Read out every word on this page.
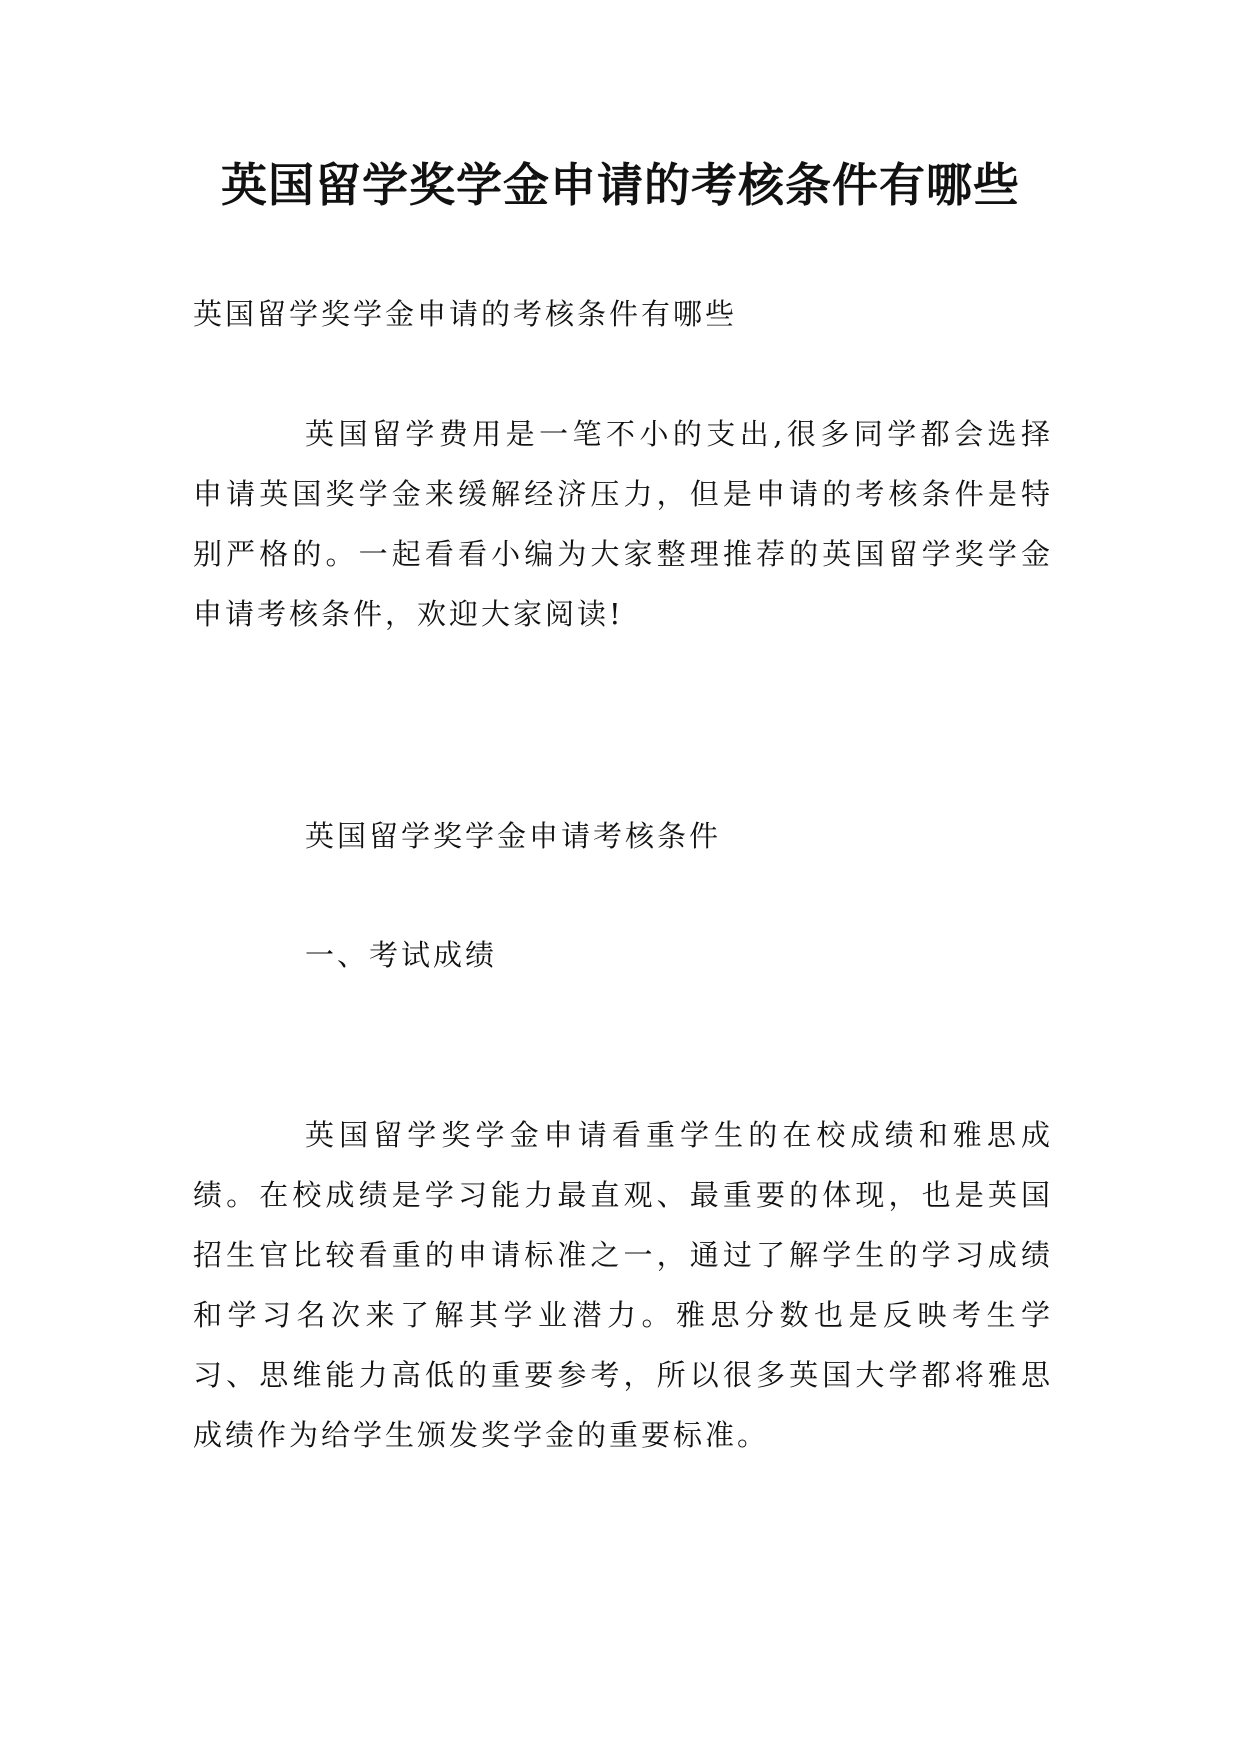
英国留学奖学金申请的考核条件有哪些
英国留学奖学金申请的考核条件有哪些
英国留学费用是一笔不小的支出,很多同学都会选择申请英国奖学金来缓解经济压力，但是申请的考核条件是特别严格的。一起看看小编为大家整理推荐的英国留学奖学金申请考核条件，欢迎大家阅读!
英国留学奖学金申请考核条件
一、考试成绩
英国留学奖学金申请看重学生的在校成绩和雅思成绩。在校成绩是学习能力最直观、最重要的体现，也是英国招生官比较看重的申请标准之一，通过了解学生的学习成绩和学习名次来了解其学业潜力。雅思分数也是反映考生学习、思维能力高低的重要参考，所以很多英国大学都将雅思成绩作为给学生颁发奖学金的重要标准。
